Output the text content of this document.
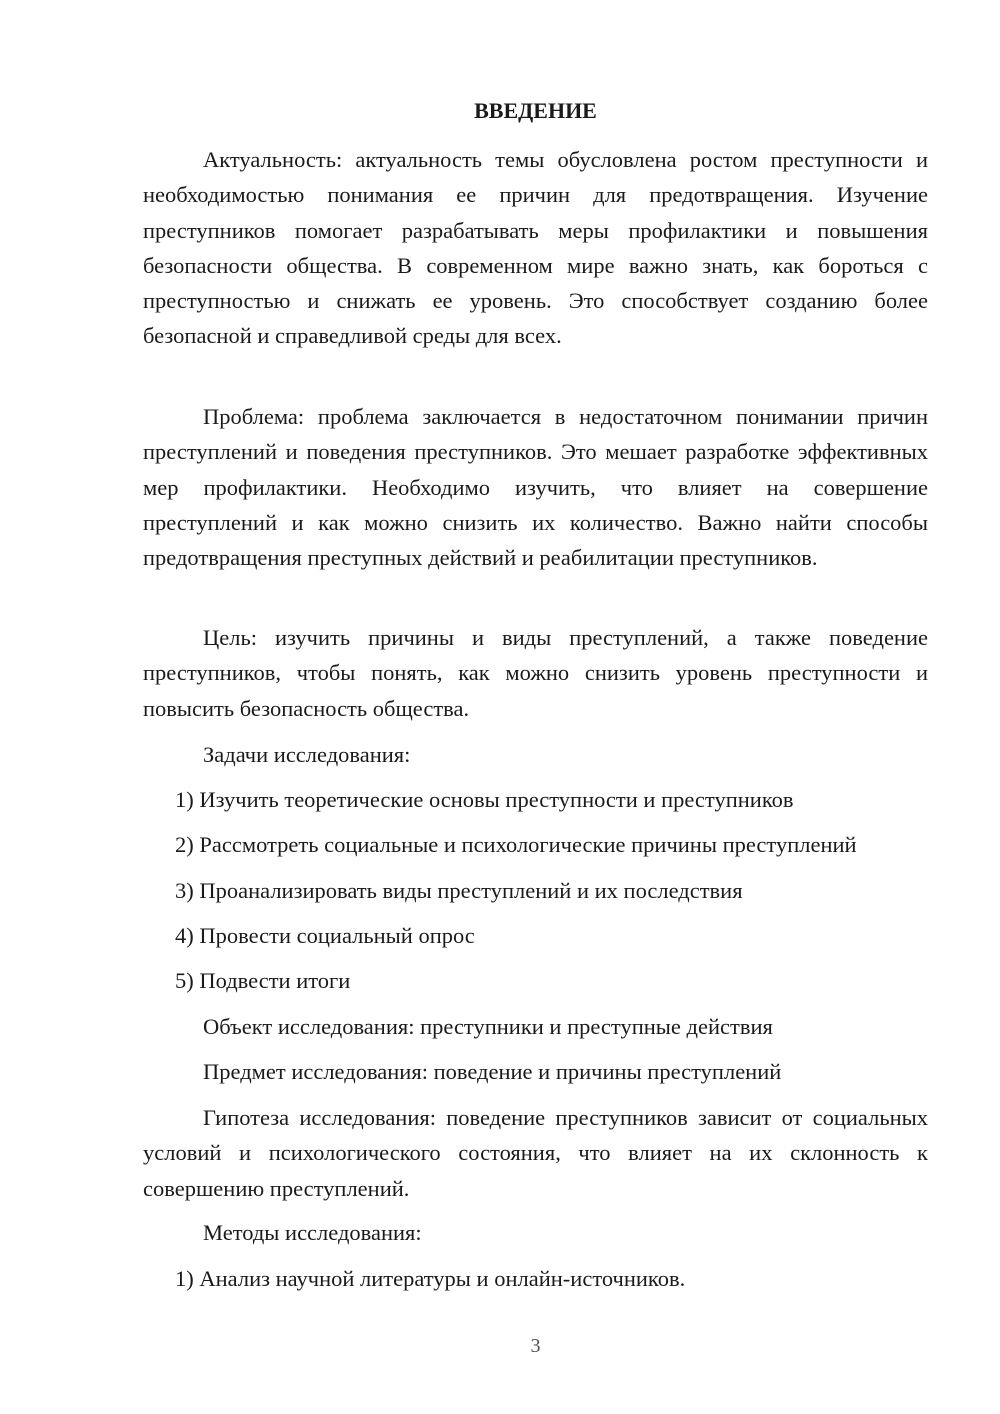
ВВЕДЕНИЕ

Актуальность: актуальность темы обусловлена ростом преступности и необходимостью понимания ее причин для предотвращения. Изучение преступников помогает разрабатывать меры профилактики и повышения безопасности общества. В современном мире важно знать, как бороться с преступностью и снижать ее уровень. Это способствует созданию более безопасной и справедливой среды для всех.

Проблема: проблема заключается в недостаточном понимании причин преступлений и поведения преступников. Это мешает разработке эффективных мер профилактики. Необходимо изучить, что влияет на совершение преступлений и как можно снизить их количество. Важно найти способы предотвращения преступных действий и реабилитации преступников.

Цель: изучить причины и виды преступлений, а также поведение преступников, чтобы понять, как можно снизить уровень преступности и повысить безопасность общества.

Задачи исследования:

1) Изучить теоретические основы преступности и преступников

2) Рассмотреть социальные и психологические причины преступлений

3) Проанализировать виды преступлений и их последствия

4) Провести социальный опрос

5) Подвести итоги

Объект исследования: преступники и преступные действия

Предмет исследования: поведение и причины преступлений

Гипотеза исследования: поведение преступников зависит от социальных условий и психологического состояния, что влияет на их склонность к совершению преступлений.

Методы исследования:

1) Анализ научной литературы и онлайн-источников.

3
